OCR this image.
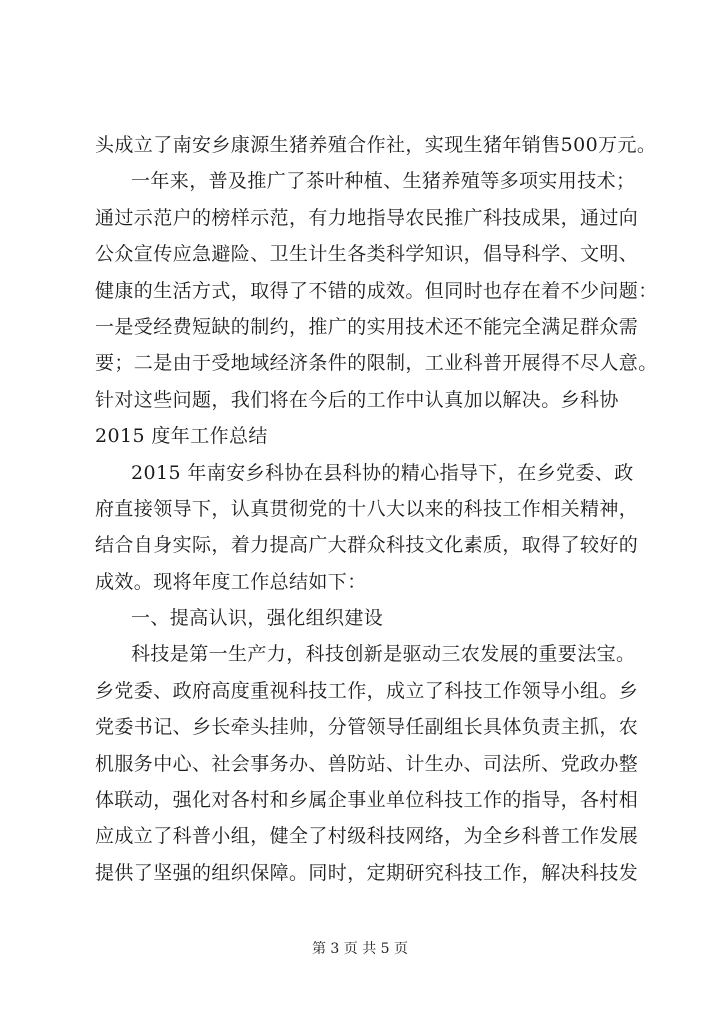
头成立了南安乡康源生猪养殖合作社，实现生猪年销售500万元。
一年来，普及推广了茶叶种植、生猪养殖等多项实用技术；
通过示范户的榜样示范，有力地指导农民推广科技成果，通过向
公众宣传应急避险、卫生计生各类科学知识，倡导科学、文明、
健康的生活方式，取得了不错的成效。但同时也存在着不少问题：
一是受经费短缺的制约，推广的实用技术还不能完全满足群众需
要；二是由于受地域经济条件的限制，工业科普开展得不尽人意。
针对这些问题，我们将在今后的工作中认真加以解决。乡科协
2015 度年工作总结
2015 年南安乡科协在县科协的精心指导下，在乡党委、政
府直接领导下，认真贯彻党的十八大以来的科技工作相关精神，
结合自身实际，着力提高广大群众科技文化素质，取得了较好的
成效。现将年度工作总结如下：
一、提高认识，强化组织建设
科技是第一生产力，科技创新是驱动三农发展的重要法宝。
乡党委、政府高度重视科技工作，成立了科技工作领导小组。乡
党委书记、乡长牵头挂帅，分管领导任副组长具体负责主抓，农
机服务中心、社会事务办、兽防站、计生办、司法所、党政办整
体联动，强化对各村和乡属企事业单位科技工作的指导，各村相
应成立了科普小组，健全了村级科技网络，为全乡科普工作发展
提供了坚强的组织保障。同时，定期研究科技工作，解决科技发
第 3 页 共 5 页
